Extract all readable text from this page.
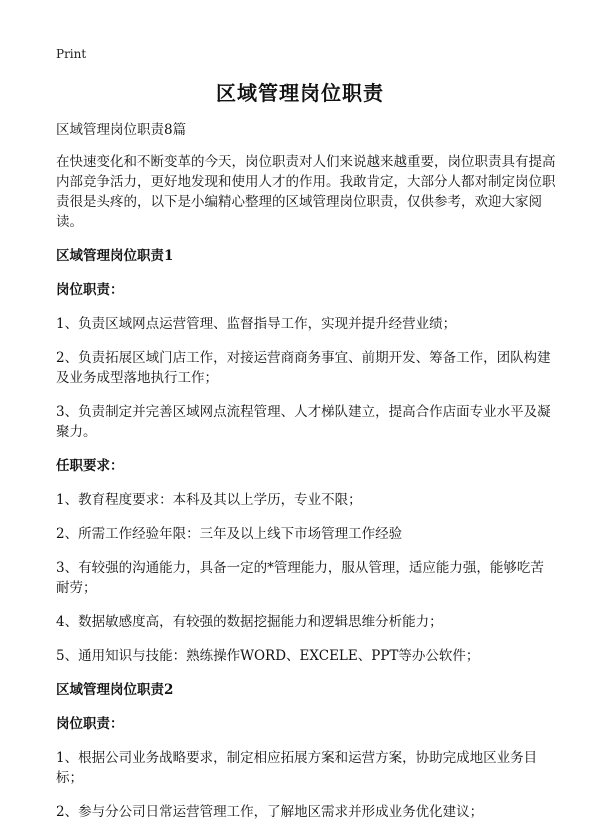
Print
区域管理岗位职责

区域管理岗位职责8篇

在快速变化和不断变革的今天，岗位职责对人们来说越来越重要，岗位职责具有提高内部竞争活力，更好地发现和使用人才的作用。我敢肯定，大部分人都对制定岗位职责很是头疼的，以下是小编精心整理的区域管理岗位职责，仅供参考，欢迎大家阅读。

区域管理岗位职责1

岗位职责：

1、负责区域网点运营管理、监督指导工作，实现并提升经营业绩；

2、负责拓展区域门店工作，对接运营商商务事宜、前期开发、筹备工作，团队构建及业务成型落地执行工作；

3、负责制定并完善区域网点流程管理、人才梯队建立，提高合作店面专业水平及凝聚力。

任职要求：

1、教育程度要求：本科及其以上学历，专业不限；

2、所需工作经验年限：三年及以上线下市场管理工作经验

3、有较强的沟通能力，具备一定的*管理能力，服从管理，适应能力强，能够吃苦耐劳；

4、数据敏感度高，有较强的数据挖掘能力和逻辑思维分析能力；

5、通用知识与技能：熟练操作WORD、EXCELE、PPT等办公软件；

区域管理岗位职责2

岗位职责：

1、根据公司业务战略要求，制定相应拓展方案和运营方案，协助完成地区业务目标；

2、参与分公司日常运营管理工作，了解地区需求并形成业务优化建议；
